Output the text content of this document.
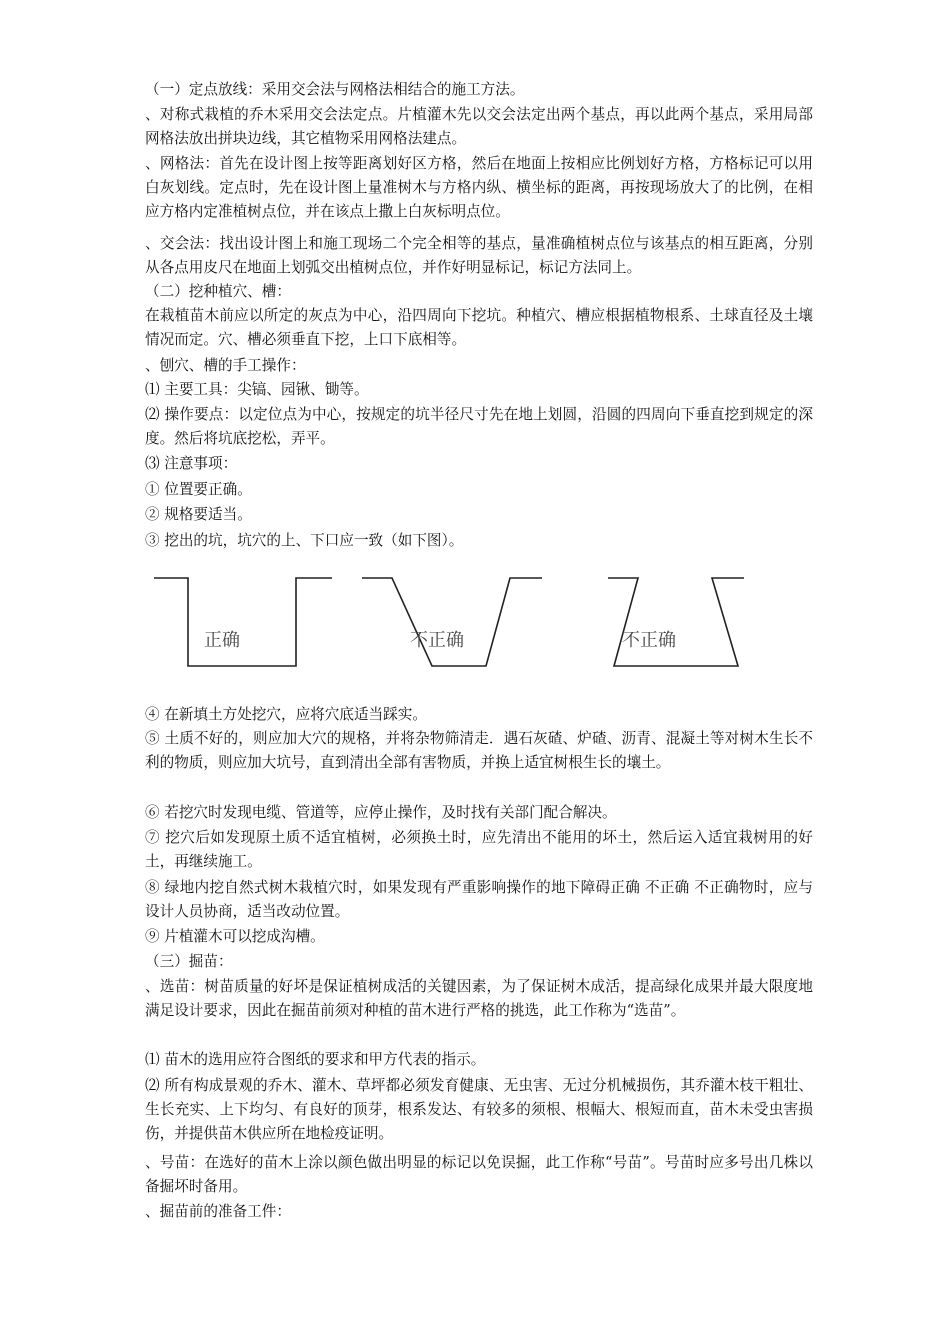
（一）定点放线：采用交会法与网格法相结合的施工方法。

、对称式栽植的乔木采用交会法定点。片植灌木先以交会法定出两个基点，再以此两个基点，采用局部网格法放出拼块边线，其它植物采用网格法建点。

、网格法：首先在设计图上按等距离划好区方格，然后在地面上按相应比例划好方格，方格标记可以用白灰划线。定点时，先在设计图上量准树木与方格内纵、横坐标的距离，再按现场放大了的比例，在相应方格内定准植树点位，并在该点上撒上白灰标明点位。

、交会法：找出设计图上和施工现场二个完全相等的基点，量准确植树点位与该基点的相互距离，分别从各点用皮尺在地面上划弧交出植树点位，并作好明显标记，标记方法同上。

（二）挖种植穴、槽：

在栽植苗木前应以所定的灰点为中心，沿四周向下挖坑。种植穴、槽应根据植物根系、土球直径及土壤情况而定。穴、槽必须垂直下挖，上口下底相等。

、刨穴、槽的手工操作：

⑴ 主要工具：尖镐、园锹、锄等。

⑵ 操作要点：以定位点为中心，按规定的坑半径尺寸先在地上划圆，沿圆的四周向下垂直挖到规定的深度。然后将坑底挖松，弄平。

⑶ 注意事项：

① 位置要正确。

② 规格要适当。

③ 挖出的坑，坑穴的上、下口应一致（如下图）。

正确	不正确	不正确

④ 在新填土方处挖穴，应将穴底适当踩实。

⑤ 土质不好的，则应加大穴的规格，并将杂物筛清走．遇石灰碴、炉碴、沥青、混凝土等对树木生长不利的物质，则应加大坑号，直到清出全部有害物质，并换上适宜树根生长的壤土。

⑥ 若挖穴时发现电缆、管道等，应停止操作，及时找有关部门配合解决。

⑦ 挖穴后如发现原土质不适宜植树，必须换土时，应先清出不能用的坏土，然后运入适宜栽树用的好土，再继续施工。

⑧ 绿地内挖自然式树木栽植穴时，如果发现有严重影响操作的地下障碍正确 不正确 不正确物时，应与设计人员协商，适当改动位置。

⑨ 片植灌木可以挖成沟槽。

（三）掘苗：

、选苗：树苗质量的好坏是保证植树成活的关键因素，为了保证树木成活，提高绿化成果并最大限度地满足设计要求，因此在掘苗前须对种植的苗木进行严格的挑选，此工作称为“选苗”。

⑴ 苗木的选用应符合图纸的要求和甲方代表的指示。

⑵ 所有构成景观的乔木、灌木、草坪都必须发育健康、无虫害、无过分机械损伤，其乔灌木枝干粗壮、生长充实、上下均匀、有良好的顶芽，根系发达、有较多的须根、根幅大、根短而直，苗木未受虫害损伤，并提供苗木供应所在地检疫证明。

、号苗：在选好的苗木上涂以颜色做出明显的标记以免误掘，此工作称“号苗”。号苗时应多号出几株以备掘坏时备用。

、掘苗前的准备工件：
